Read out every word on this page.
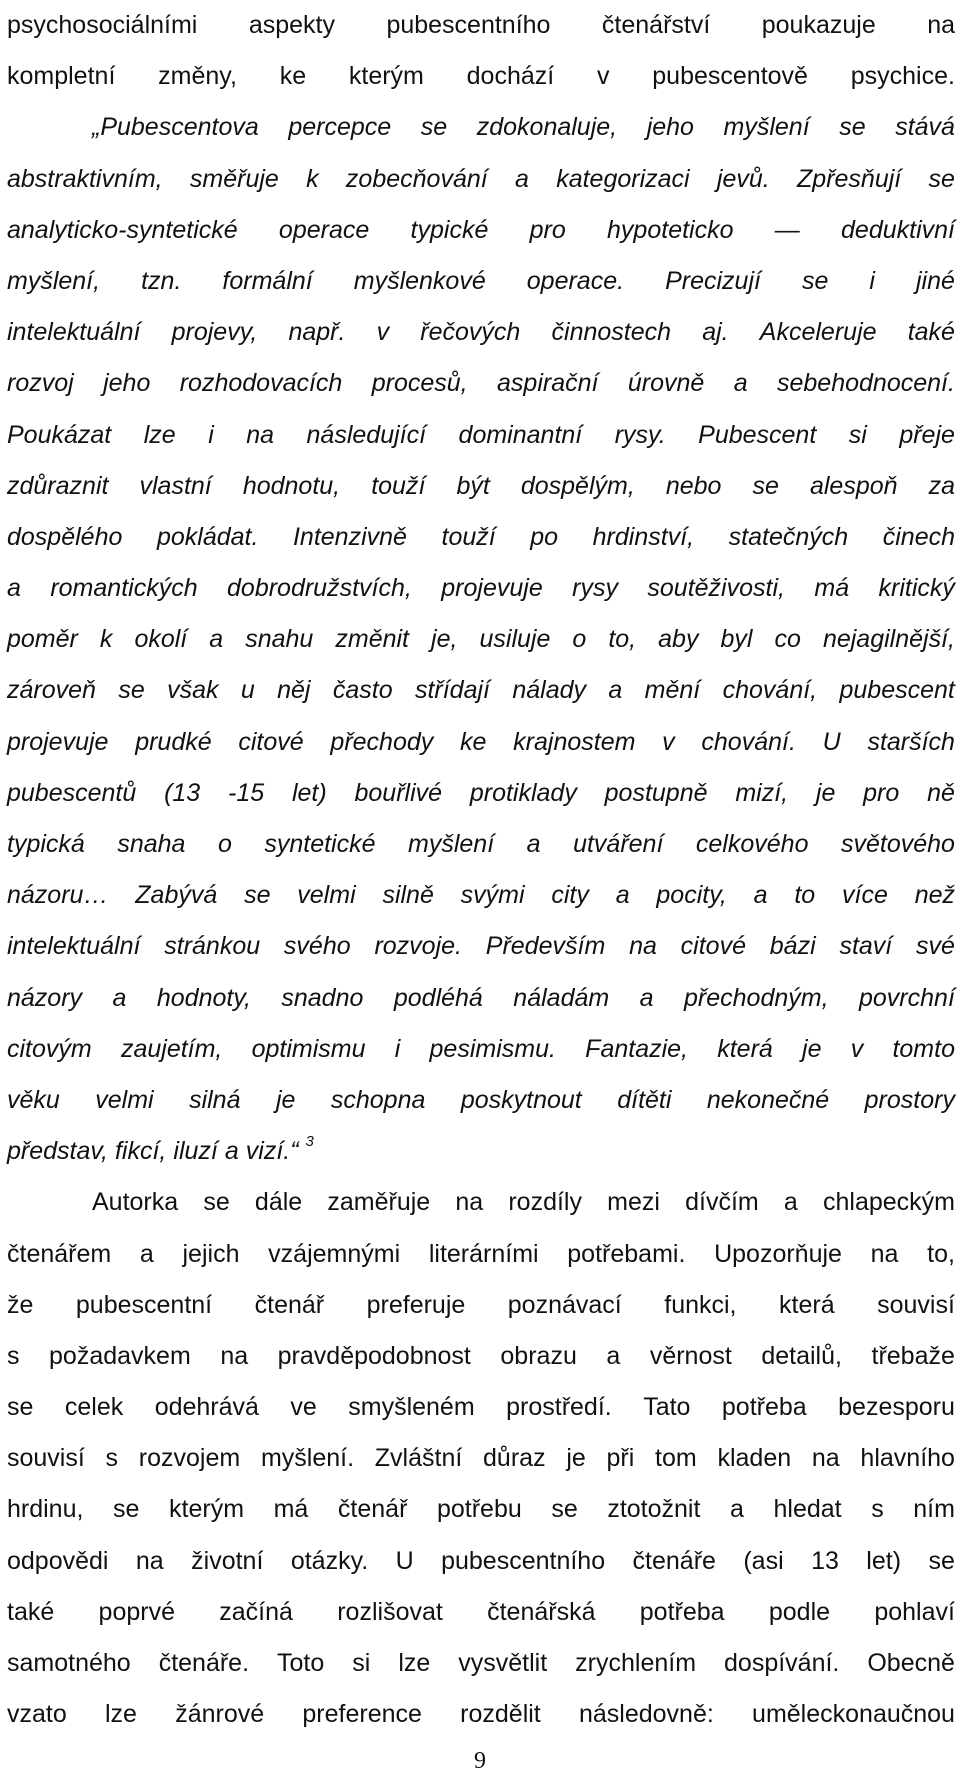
psychosociálními aspekty pubescentního čtenářství poukazuje na
kompletní změny, ke kterým dochází v pubescentově psychice.
„Pubescentova percepce se zdokonaluje, jeho myšlení se stává
abstraktivním, směřuje k zobecňování a kategorizaci jevů. Zpřesňují se
analyticko-syntetické operace typické pro hypoteticko — deduktivní
myšlení, tzn. formální myšlenkové operace. Precizují se i jiné
intelektuální projevy, např. v řečových činnostech aj. Akceleruje také
rozvoj jeho rozhodovacích procesů, aspirační úrovně a sebehodnocení.
Poukázat lze i na následující dominantní rysy. Pubescent si přeje
zdůraznit vlastní hodnotu, touží být dospělým, nebo se alespoň za
dospělého pokládat. Intenzivně touží po hrdinství, statečných činech
a romantických dobrodružstvích, projevuje rysy soutěživosti, má kritický
poměr k okolí a snahu změnit je, usiluje o to, aby byl co nejagilnější,
zároveň se však u něj často střídají nálady a mění chování, pubescent
projevuje prudké citové přechody ke krajnostem v chování. U starších
pubescentů (13 -15 let) bouřlivé protiklady postupně mizí, je pro ně
typická snaha o syntetické myšlení a utváření celkového světového
názoru… Zabývá se velmi silně svými city a pocity, a to více než
intelektuální stránkou svého rozvoje. Především na citové bázi staví své
názory a hodnoty, snadno podléhá náladám a přechodným, povrchní
citovým zaujetím, optimismu i pesimismu. Fantazie, která je v tomto
věku velmi silná je schopna poskytnout dítěti nekonečné prostory
představ, fikcí, iluzí a vizí.“ 3
Autorka se dále zaměřuje na rozdíly mezi dívčím a chlapeckým
čtenářem a jejich vzájemnými literárními potřebami. Upozorňuje na to,
že pubescentní čtenář preferuje poznávací funkci, která souvisí
s požadavkem na pravděpodobnost obrazu a věrnost detailů, třebaže
se celek odehrává ve smyšleném prostředí. Tato potřeba bezesporu
souvisí s rozvojem myšlení. Zvláštní důraz je při tom kladen na hlavního
hrdinu, se kterým má čtenář potřebu se ztotožnit a hledat s ním
odpovědi na životní otázky. U pubescentního čtenáře (asi 13 let) se
také poprvé začíná rozlišovat čtenářská potřeba podle pohlaví
samotného čtenáře. Toto si lze vysvětlit zrychlením dospívání. Obecně
vzato lze žánrové preference rozdělit následovně: uměleckonaučnou
9
